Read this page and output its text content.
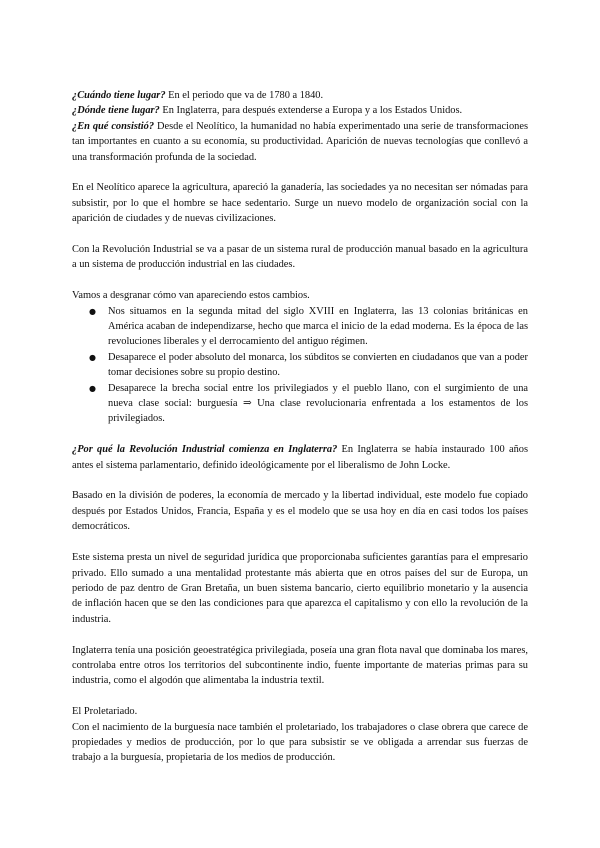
¿Cuándo tiene lugar? En el periodo que va de 1780 a 1840.

¿Dónde tiene lugar? En Inglaterra, para después extenderse a Europa y a los Estados Unidos.

¿En qué consistió? Desde el Neolítico, la humanidad no había experimentado una serie de transformaciones tan importantes en cuanto a su economía, su productividad. Aparición de nuevas tecnologías que conllevó a una transformación profunda de la sociedad.

En el Neolítico aparece la agricultura, apareció la ganadería, las sociedades ya no necesitan ser nómadas para subsistir, por lo que el hombre se hace sedentario. Surge un nuevo modelo de organización social con la aparición de ciudades y de nuevas civilizaciones.

Con la Revolución Industrial se va a pasar de un sistema rural de producción manual basado en la agricultura a un sistema de producción industrial en las ciudades.

Vamos a desgranar cómo van apareciendo estos cambios.

● Nos situamos en la segunda mitad del siglo XVIII en Inglaterra, las 13 colonias británicas en América acaban de independizarse, hecho que marca el inicio de la edad moderna. Es la época de las revoluciones liberales y el derrocamiento del antiguo régimen.
● Desaparece el poder absoluto del monarca, los súbditos se convierten en ciudadanos que van a poder tomar decisiones sobre su propio destino.
● Desaparece la brecha social entre los privilegiados y el pueblo llano, con el surgimiento de una nueva clase social: burguesía ⇒ Una clase revolucionaria enfrentada a los estamentos de los privilegiados.

¿Por qué la Revolución Industrial comienza en Inglaterra? En Inglaterra se había instaurado 100 años antes el sistema parlamentario, definido ideológicamente por el liberalismo de John Locke.

Basado en la división de poderes, la economía de mercado y la libertad individual, este modelo fue copiado después por Estados Unidos, Francia, España y es el modelo que se usa hoy en día en casi todos los países democráticos.

Este sistema presta un nivel de seguridad jurídica que proporcionaba suficientes garantías para el empresario privado. Ello sumado a una mentalidad protestante más abierta que en otros países del sur de Europa, un periodo de paz dentro de Gran Bretaña, un buen sistema bancario, cierto equilibrio monetario y la ausencia de inflación hacen que se den las condiciones para que aparezca el capitalismo y con ello la revolución de la industria.

Inglaterra tenía una posición geoestratégica privilegiada, poseía una gran flota naval que dominaba los mares, controlaba entre otros los territorios del subcontinente indio, fuente importante de materias primas para su industria, como el algodón que alimentaba la industria textil.

El Proletariado.

Con el nacimiento de la burguesía nace también el proletariado, los trabajadores o clase obrera que carece de propiedades y medios de producción, por lo que para subsistir se ve obligada a arrendar sus fuerzas de trabajo a la burguesía, propietaria de los medios de producción.
